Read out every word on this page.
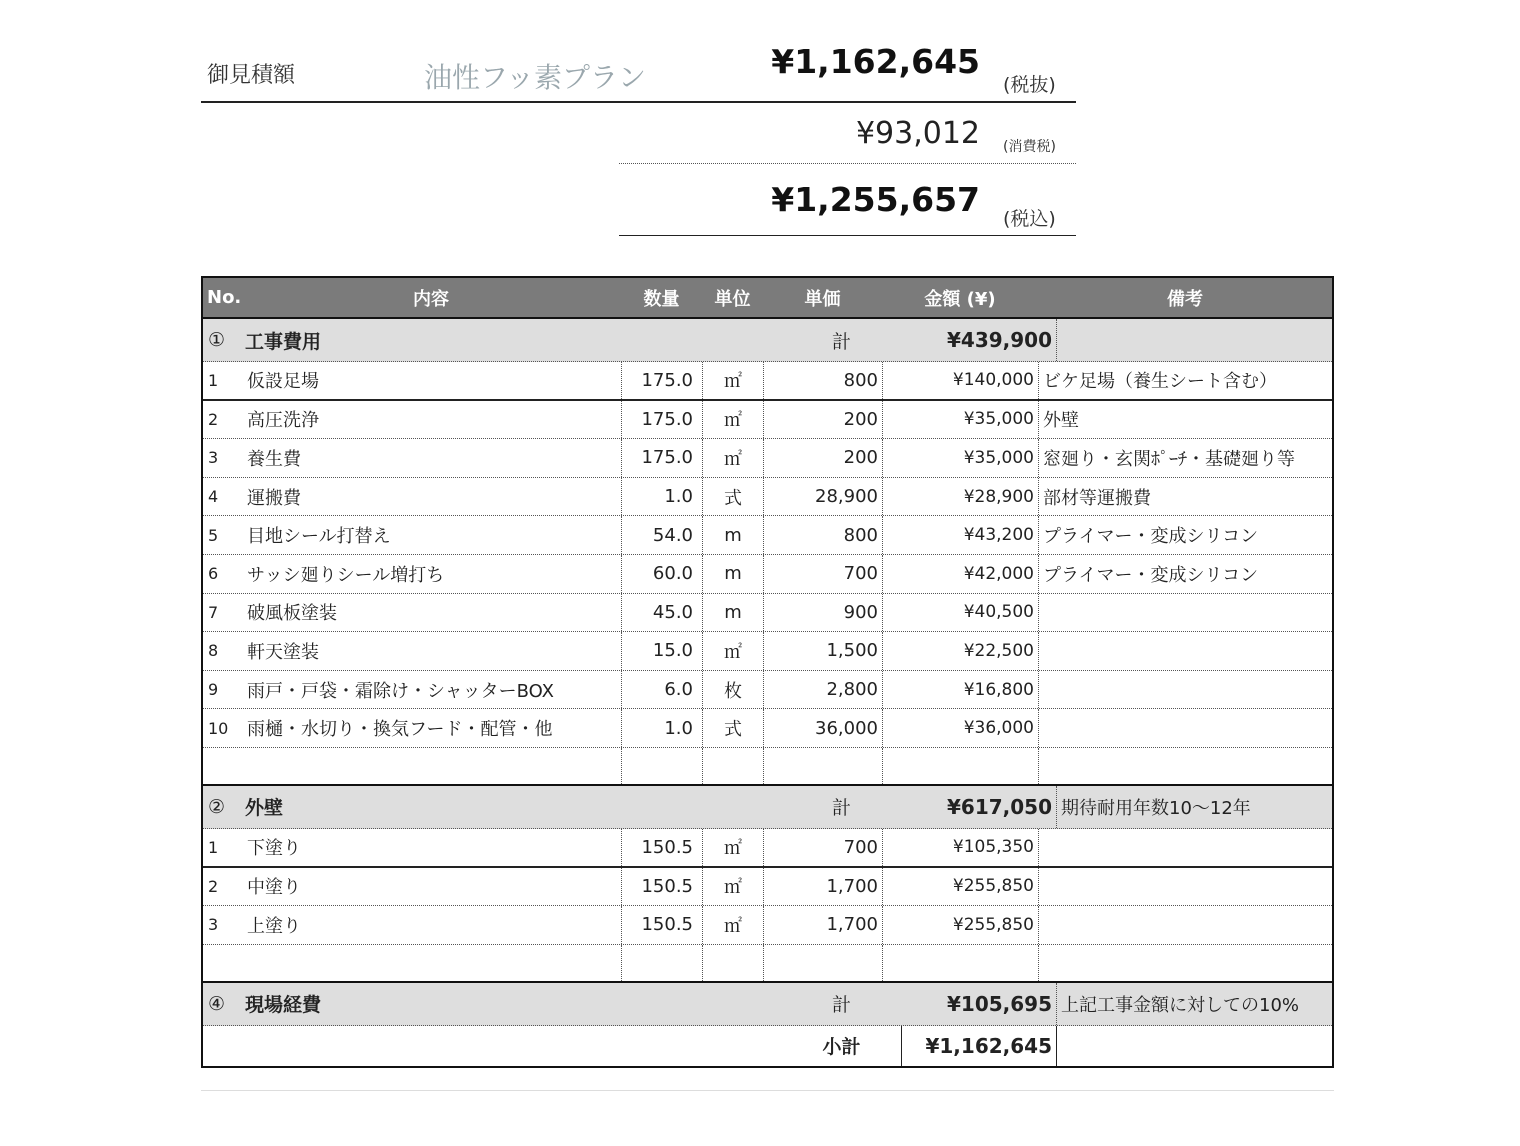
御見積額	油性フッ素プラン	¥1,162,645
(税抜)
¥93,012 (消費税)
¥1,255,657 (税込)
No.	内容	数量	単位	単価	金額 (¥)	備考
①	工事費用	計	¥439,900
1	仮設足場	175.0	㎡	800	¥140,000 ビケ足場（養生シート含む）
2	高圧洗浄	175.0	㎡	200	¥35,000 外壁
3	養生費	175.0	㎡	200	¥35,000 窓廻り・玄関ﾎﾟｰﾁ・基礎廻り等
4	運搬費	1.0	式	28,900	¥28,900 部材等運搬費
5	目地シール打替え	54.0	m	800	¥43,200 プライマー・変成シリコン
6	サッシ廻りシール増打ち	60.0	m	700	¥42,000 プライマー・変成シリコン
7	破風板塗装	45.0	m	900	¥40,500
8	軒天塗装	15.0	㎡	1,500	¥22,500
9	雨戸・戸袋・霜除け・シャッターBOX	6.0	枚	2,800	¥16,800
10	雨樋・水切り・換気フード・配管・他	1.0	式	36,000	¥36,000
②	外壁	計	¥617,050 期待耐用年数10～12年
1	下塗り	150.5	㎡	700	¥105,350
2	中塗り	150.5	㎡	1,700	¥255,850
3	上塗り	150.5	㎡	1,700	¥255,850
④	現場経費	計	¥105,695 上記工事金額に対しての10%
小計	¥1,162,645
